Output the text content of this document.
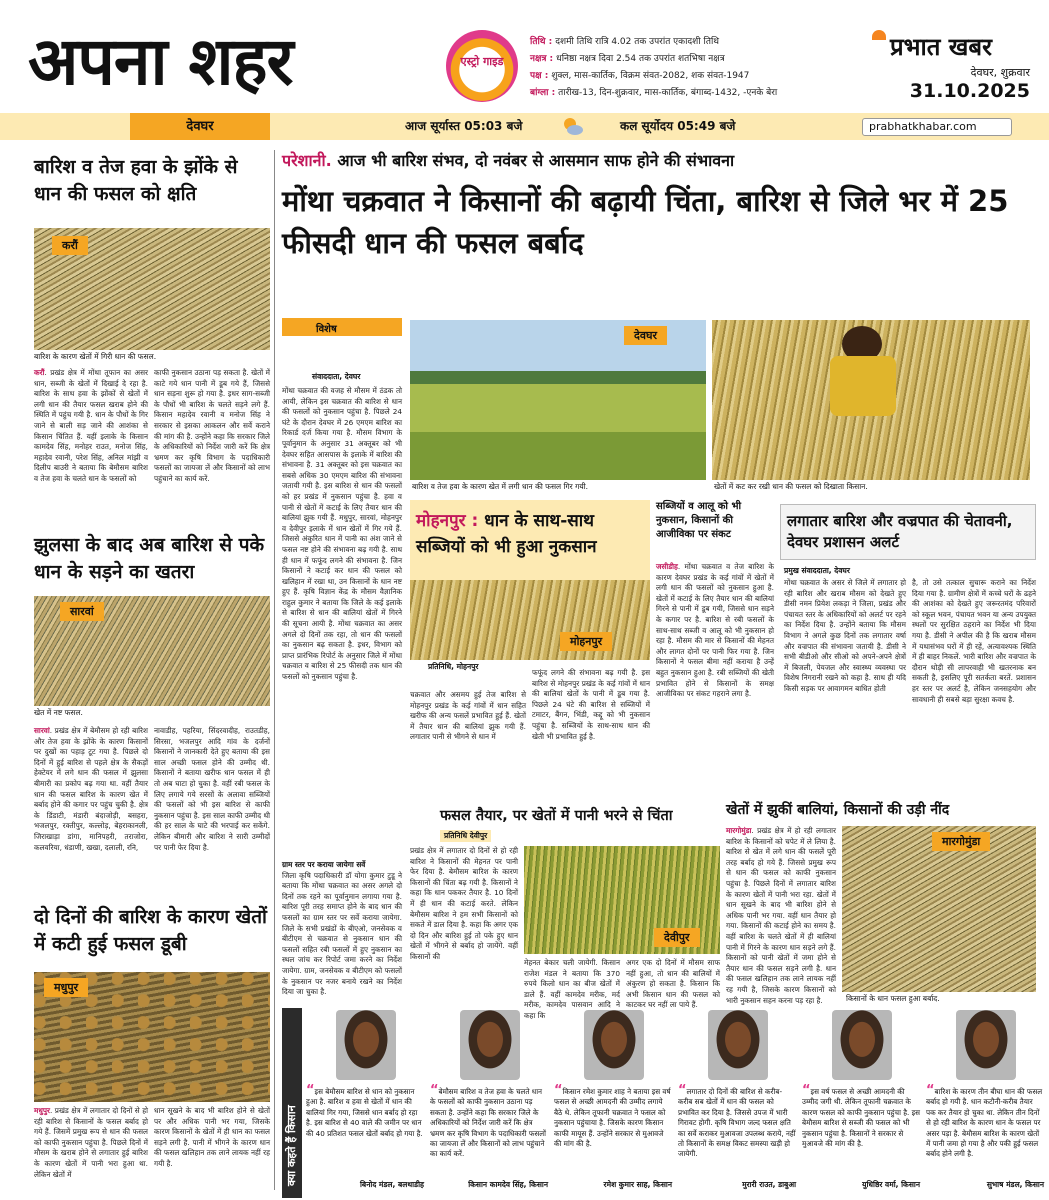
अपना शहर	एस्ट्रो गाइड
तिथि : दशमी तिथि रात्रि 4.02 तक उपरांत एकादशी तिथि
नक्षत्र : धनिष्ठा नक्षत्र दिवा 2.54 तक उपरांत शतभिषा नक्षत्र
पक्ष : शुक्ल, मास-कार्तिक, विक्रम संवत-2082, शक संवत-1947
बांग्ला : तारीख-13, दिन-शुक्रवार, मास-कार्तिक, बंगाब्द-1432, -एनके बेरा
प्रभात खबर
देवघर, शुक्रवार
31.10.2025
देवघर	आज सूर्यास्त 05:03 बजे	कल सूर्योदय 05:49 बजे	prabhatkhabar.com
बारिश व तेज हवा के झोंके से धान की फसल को क्षति
करौं
बारिश के कारण खेतों में गिरी धान की फसल.
करौं. प्रखंड क्षेत्र में मोंथा तूफान का असर धान, सब्जी के खेतों में दिखाई दे रहा है. बारिश के साथ हवा के झोंकों से खेतों में लगी धान की तैयार फसल खराब होने की स्थिति में पहुंच गयी है. धान के पौधों के गिर जाने से बाली सड़ जाने की आशंका से किसान चिंतित हैं. यहीं इलाके के किसान कामदेव सिंह, मनोहर राउत, मनोज सिंह, महादेव रवानी, परेश सिंह, अनिल मांझी व दिलीप बाउरी ने बताया कि बेमौसम बारिश व तेज हवा के चलते धान के फसलों को
काफी नुकसान उठाना पड़ सकता है. खेतों में काटे गये धान पानी में डूब गये हैं, जिससे धान सड़ना शुरू हो गया है. इधर साग-सब्जी के पौधों भी बारिश के चलते सड़ने लगे हैं. किसान महादेव रवानी व मनोज सिंह ने सरकार से इसका आकलन और सर्वे कराने की मांग की है. उन्होंने कहा कि सरकार जिले के अधिकारियों को निर्देश जारी करें कि क्षेत्र भ्रमण कर कृषि विभाग के पदाधिकारी फसलों का जायजा लें और किसानों को लाभ पहुंचाने का कार्य करें.
झुलसा के बाद अब बारिश से पके धान के सड़ने का खतरा
सारवां
खेत में नष्ट फसल.
सारवां. प्रखंड क्षेत्र में बेमौसम हो रही बारिश और तेज हवा के झोंके के कारण किसानों पर दुखों का पहाड़ टूट गया है. पिछले दो दिनों में हुई बारिश से पहले क्षेत्र के सैकड़ों हेक्टेयर में लगे धान की फसल में झुलसा बीमारी का प्रकोप बढ़ गया था. वहीं तैयार धान की फसल बारिश के कारण खेत में बर्बाद होने की कगार पर पहुंच चुकी है. क्षेत्र के डिंडाटी, मंडारी बंदाजोड़ी, बसहरा, भजलपुर, रक्तीपुर, कल्लोड़, बेहराकानली, जिराखाड़ा डांगा, मानिपहरी, तराजोरा, कलवरिया, धंडाणी, खखा, दलाली, रनि,
नावाडीह, पहरिया, सिंदरवादीह, राउतडीह, सिरसा, भजलपुर आदि गांव के दर्जनों किसानों ने जानकारी देते हुए बताया की इस साल अच्छी फसल होने की उम्मीद थी. किसानों ने बताया खरीफ धान फसल में ही तो अब घाटा हो चुका है. वहीं रबी फसल के लिए लगाये गये सरसों के अलावा सब्जियों की फसलों को भी इस बारिश से काफी नुकसान पहुंचा है. इस साल काफी उम्मीद थी की हर साल के घाटे की भरपाई कर सकेंगे. लेकिन बीमारी और बारिश ने सारी उम्मीदों पर पानी फेर दिया है.
दो दिनों की बारिश के कारण खेतों में कटी हुई फसल डूबी
मधुपुर
मधुपुर. प्रखंड क्षेत्र में लगातार दो दिनों से हो रही बारिश से किसानों के फसल बर्बाद हो गये हैं. जिसमें प्रमुख रूप से धान की फसल को काफी नुकसान पहुंचा है. पिछले दिनों में मौसम के खराब होने से लगातार हुई बारिश के कारण खेतों में पानी भरा हुआ था. लेकिन खेतों में
धान सूखने के बाद भी बारिश होने से खेतों पर और अधिक पानी भर गया, जिसके कारण किसानों के खेतों में ही धान का फसल सड़ने लगी है. पानी में भीगने के कारण धान की फसल खलिहान तक लाने लायक नहीं रह गयी है.
परेशानी. आज भी बारिश संभव, दो नवंबर से आसमान साफ होने की संभावना
मोंथा चक्रवात ने किसानों की बढ़ायी चिंता, बारिश से जिले भर में 25 फीसदी धान की फसल बर्बाद
विशेष
संवाददाता, देवघर
मोंथा चक्रवात की वजह से मौसम में ठंडक तो आयी, लेकिन इस चक्रवात की बारिश से धान की फसलों को नुकसान पहुंचा है. पिछले 24 घंटे के दौरान देवघर में 26 एमएम बारिश का रिकार्ड दर्ज किया गया है. मौसम विभाग के पूर्वानुमान के अनुसार 31 अक्तूबर को भी देवघर सहित आसपास के इलाके में बारिश की संभावना है. 31 अक्तूबर को इस चक्रवात का सबसे अधिक 30 एमएम बारिश की संभावना जतायी गयी है. इस बारिश से धान की फसलों को हर प्रखंड में नुकसान पहुंचा है. हवा व पानी से खेतों में कटाई के लिए तैयार धान की बालियां झुक गयी हैं. मधुपुर, सारवां, मोहनपुर व देवीपुर इलाके में धान खेतों में गिर गये हैं. जिससे अंकुरित धान में पानी का अंश जाने से फसल नष्ट होने की संभावना बढ़ गयी है. साथ ही धान में फफूंद लगने की संभावना है. जिन किसानों ने कटाई कर धान की फसल को खलिहान में रखा था, उन किसानों के धान नष्ट हुए हैं. कृषि विज्ञान केंद्र के मौसम वैज्ञानिक राहुल कुमार ने बताया कि जिले के कई इलाके से बारिश से धान की बालियां खेतों में गिरने की सूचना आयी है. मोंथा चक्रवात का असर अगले दो दिनों तक रहा, तो धान की फसलों का नुकसान बढ़ सकता है. इधर, विभाग को प्राप्त प्रारंभिक रिपोर्ट के अनुसार जिले में मोंथा चक्रवात व बारिश से 25 फीसदी तक धान की फसलों को नुकसान पहुंचा है.
ग्राम स्तर पर कराया जायेगा सर्वे
जिला कृषि पदाधिकारी डॉ योगा कुमार टुडू ने बताया कि मोंथा चक्रवात का असर अगले दो दिनों तक रहने का पूर्वानुमान लगाया गया है. बारिश पूरी तरह समाप्त होने के बाद धान की फसलों का ग्राम स्तर पर सर्वे कराया जायेगा. जिले के सभी प्रखंडों के बीएओ, जनसेवक व बीटीएम से चक्रवात से नुकसान धान की फसलों सहित रबी फसलों में हुए नुकसान का स्थल जांच कर रिपोर्ट जमा करने का निर्देश जायेगा. ग्राम, जनसेवक व बीटीएम को फसलों के नुकसान पर नजर बनाये रखने का निर्देश दिया जा चुका है.
देवघर
बारिश व तेज हवा के कारण खेत में लगी धान की फसल गिर गयी.	खेतों में कट कर रखी धान की फसल को दिखाता किसान.
मोहनपुर : धान के साथ-साथ सब्जियों को भी हुआ नुकसान
मोहनपुर
प्रतिनिधि, मोहनपुर
चक्रवात और असमय हुई तेज बारिश से मोहनपुर प्रखंड के कई गांवों में धान सहित खरीफ की अन्य फसलें प्रभावित हुई हैं. खेतों में तैयार धान की बालियां झुक गयी हैं. लगातार पानी से भीगने से धान में
फफूंद लगने की संभावना बढ़ गयी है. इस बारिश से मोहनपुर प्रखंड के कई गांवों में धान की बालियां खेतों के पानी में डूब गया है. पिछले 24 घंटे की बारिश से सब्जियों में टमाटर, बैंगन, भिंडी, कद्दू को भी नुकसान पहुंचा है. सब्जियों के साथ-साथ धान की खेती भी प्रभावित हुई है.
सब्जियों व आलू को भी नुकसान, किसानों की आजीविका पर संकट
जसीडीह. मोंथा चक्रवात व तेज बारिश के कारण देवघर प्रखंड के कई गांवों में खेतों में लगी धान की फसलों को नुकसान हुआ है. खेतों में कटाई के लिए तैयार धान की बालियां गिरने से पानी में डूब गयी, जिससे धान सड़ने के कगार पर है. बारिश से रबी फसलों के साथ-साथ सब्जी व आलू को भी नुकसान हो रहा है. मौसम की मार से किसानों की मेहनत और लागत दोनों पर पानी फिर गया है. जिन किसानों ने फसल बीमा नहीं कराया है उन्हें बहुत नुकसान हुआ है. रबी सब्जियों की खेती प्रभावित होने से किसानों के समक्ष आजीविका पर संकट गहराने लगा है.
लगातार बारिश और वज्रपात की चेतावनी, देवघर प्रशासन अलर्ट
प्रमुख संवाददाता, देवघर
मोंथा चक्रवात के असर से जिले में लगातार हो रही बारिश और खराब मौसम को देखते हुए डीसी नमन प्रियेश लकड़ा ने जिला, प्रखंड और पंचायत स्तर के अधिकारियों को अलर्ट पर रहने का निर्देश दिया है. उन्होंने बताया कि मौसम विभाग ने अगले कुछ दिनों तक लगातार वर्षा और वज्रपात की संभावना जतायी है. डीसी ने सभी बीडीओ और सीओ को अपने-अपने क्षेत्रों में बिजली, पेयजल और स्वास्थ्य व्यवस्था पर विशेष निगरानी रखने को कहा है. साथ ही यदि किसी सड़क पर आवागमन बाधित होती
है, तो उसे तत्काल सुचारू कराने का निर्देश दिया गया है. ग्रामीण क्षेत्रों में कच्चे घरों के ढहने की आशंका को देखते हुए जरूरतमंद परिवारों को स्कूल भवन, पंचायत भवन या अन्य उपयुक्त स्थलों पर सुरक्षित ठहराने का निर्देश भी दिया गया है. डीसी ने अपील की है कि खराब मौसम में यथासंभव घरों में ही रहें, अत्यावश्यक स्थिति में ही बाहर निकलें. भारी बारिश और वज्रपात के दौरान थोड़ी सी लापरवाही भी खतरनाक बन सकती है, इसलिए पूरी सतर्कता बरतें. प्रशासन हर स्तर पर अलर्ट है, लेकिन जनसहयोग और सावधानी ही सबसे बड़ा सुरक्षा कवच है.
फसल तैयार, पर खेतों में पानी भरने से चिंता
प्रतिनिधि देवीपुर
प्रखंड क्षेत्र में लगातार दो दिनों से हो रही बारिश ने किसानों की मेहनत पर पानी फेर दिया है. बेमौसम बारिश के कारण किसानों की चिंता बढ़ गयी है. किसानों ने कहा कि धान पककर तैयार है. 10 दिनों में ही धान की कटाई करते. लेकिन बेमौसम बारिश ने हम सभी किसानों को सकते में डाल दिया है. कहा कि अगर एक दो दिन और बारिश हुई तो पके हुए धान खेतों में भीगने से बर्बाद हो जायेंगे. वहीं किसानों की
देवीपुर
मेहनत बेकार चली जायेगी. किसान राजेश मंडल ने बताया कि 370 रुपये किलो धान का बीज खेतों में डाले हैं. वहीं कामदेव मरीक, मर्द मरीक, कामदेव पासवान आदि ने कहा कि
अगर एक दो दिनों में मौसम साफ नहीं हुआ, तो धान की बालियों में अंकुरण हो सकता है. किसान कि अभी किसान धान की फसल को काटकर घर नहीं ला पाये हैं.
खेतों में झुकीं बालियां, किसानों की उड़ी नींद
मारगोमुंडा. प्रखंड क्षेत्र में हो रही लगातार बारिश के किसानों को चपेट में ले लिया है. बारिश से खेत में लगे धान की फसलें पूरी तरह बर्बाद हो गये हैं. जिससे प्रमुख रूप से धान की फसल को काफी नुकसान पहुंचा है. पिछले दिनों में लगातार बारिश के कारण खेतों में पानी भरा रहा. खेतों में धान सूखने के बाद भी बारिश होने से अधिक पानी भर गया. वहीं धान तैयार हो गया. किसानों की कटाई होने का समय है. वहीं बारिश के चलते खेतों में ही बालियां पानी में गिरने के कारण धान सड़ने लगे हैं. किसानों को पानी खेतों में जमा होने से तैयार धान की फसल सड़ने लगी है. धान की फसल खलिहान तक लाने लायक नहीं रह गयी है, जिसके कारण किसानों को भारी नुकसान सहन करना पड़ रहा है.
मारगोमुंडा
किसानों के धान फसल हुआ बर्बाद.
क्या कहते हैं किसान
“इस बेमौसम बारिश से धान को नुकसान हुआ है. बारिश व हवा से खेतों में धान की बालियां गिर गया, जिससे धान बर्बाद हो रहा है. इस बारिश से 40 वाले की जमीन पर धान की 40 प्रतिशत फसल खेतों बर्बाद हो गया है.
बिनोद मंडल, बलथाडीह
“बेमौसम बारिश व तेज हवा के चलते धान के फसलों को काफी नुकसान उठाना पड़ सकता है. उन्होंने कहा कि सरकार जिले के अधिकारियों को निर्देश जारी करें कि क्षेत्र भ्रमण कर कृषि विभाग के पदाधिकारी फसलों का जायजा लें और किसानों को लाभ पहुंचाने का कार्य करें.
किसान कामदेव सिंह, किसान
“किसान रमेश कुमार शाह ने बताया इस वर्ष फसल से अच्छी आमदनी की उम्मीद लगाये बैठे थे. लेकिन तूफानी चक्रवात ने फसल को नुकसान पहुंचाया है. जिसके कारण किसान काफी मायूस हैं. उन्होंने सरकार से मुआवजे की मांग की है.
रमेश कुमार साह, किसान
“लगातार दो दिनों की बारिश से करीब-करीब सब खेतों में धान की फसल को प्रभावित कर दिया है. जिससे उपज में भारी गिरावट होगी. कृषि विभाग जल्द फसल क्षति का सर्वे कराकर मुआवजा उपलब्ध कराये, नहीं तो किसानों के समक्ष विकट समस्या खड़ी हो जायेगी.
मुरारी राउत, डाबुआ
“इस वर्ष फसल से अच्छी आमदनी की उम्मीद जगी थी. लेकिन तूफानी चक्रवात के कारण फसल को काफी नुकसान पहुंचा है. इस बेमौसम बारिश से सब्जी की फसल को भी नुकसान पहुंचा है. किसानों ने सरकार से मुआवजे की मांग की है.
युधिष्ठिर वर्मा, किसान
“बारिश के कारण तीन बीघा धान की फसल बर्बाद हो गयी है. धान कटौनी-करीब तैयार पक कर तैयार हो चुका था. लेकिन तीन दिनों से हो रही बारिश के कारण धान के फसल पर असर पड़ा है. बेमौसम बारिश के कारण खेतों में पानी जमा हो गया है और पकी हुई फसल बर्बाद होने लगी है.
सुभाष मंडल, किसान
